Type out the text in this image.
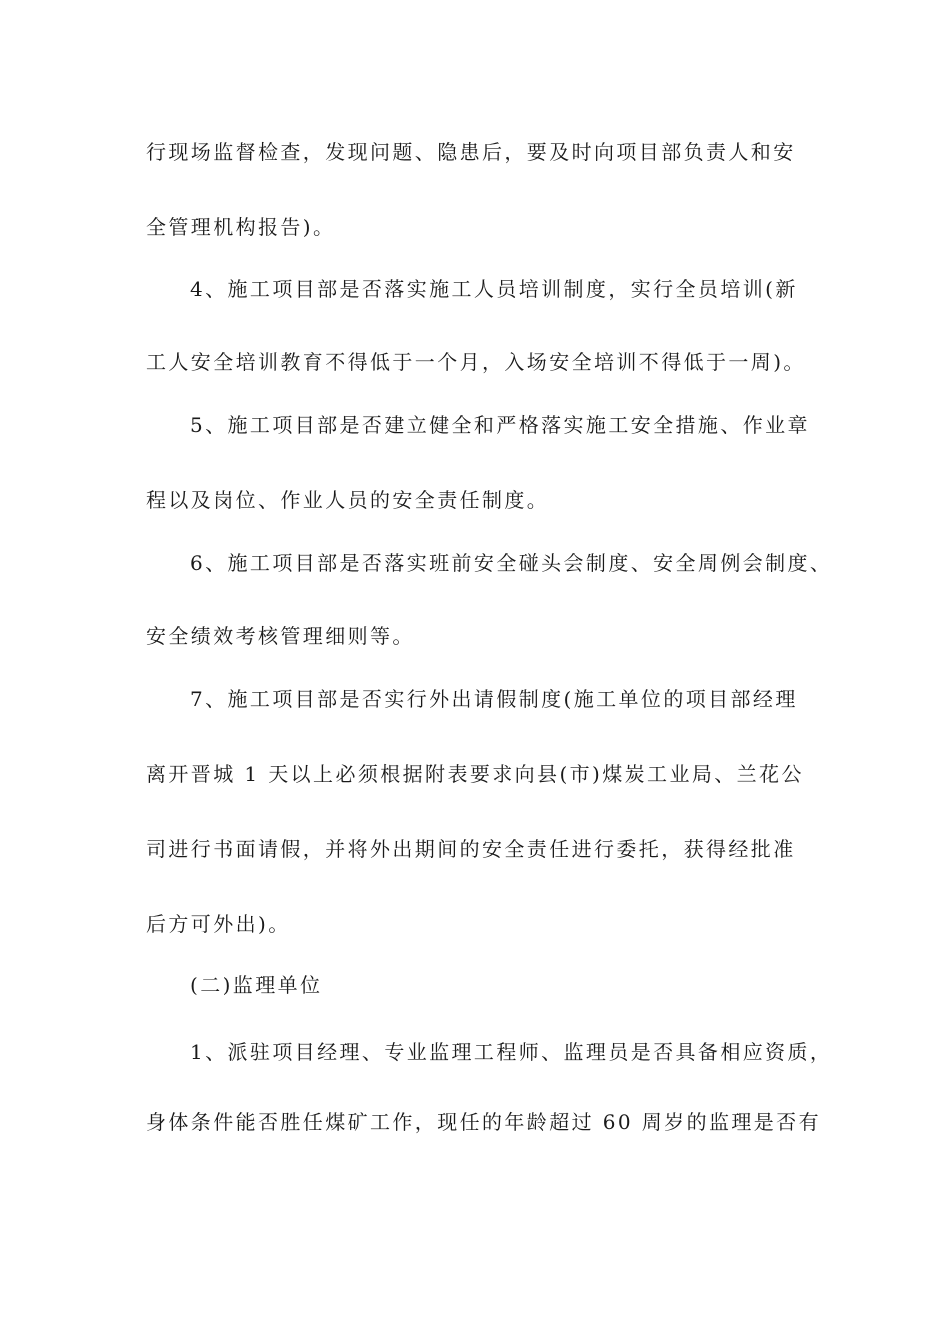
行现场监督检查，发现问题、隐患后，要及时向项目部负责人和安
全管理机构报告)。
4、施工项目部是否落实施工人员培训制度，实行全员培训(新
工人安全培训教育不得低于一个月，入场安全培训不得低于一周)。
5、施工项目部是否建立健全和严格落实施工安全措施、作业章
程以及岗位、作业人员的安全责任制度。
6、施工项目部是否落实班前安全碰头会制度、安全周例会制度、
安全绩效考核管理细则等。
7、施工项目部是否实行外出请假制度(施工单位的项目部经理
离开晋城 1 天以上必须根据附表要求向县(市)煤炭工业局、兰花公
司进行书面请假，并将外出期间的安全责任进行委托，获得经批准
后方可外出)。
(二)监理单位
1、派驻项目经理、专业监理工程师、监理员是否具备相应资质，
身体条件能否胜任煤矿工作，现任的年龄超过 60 周岁的监理是否有
